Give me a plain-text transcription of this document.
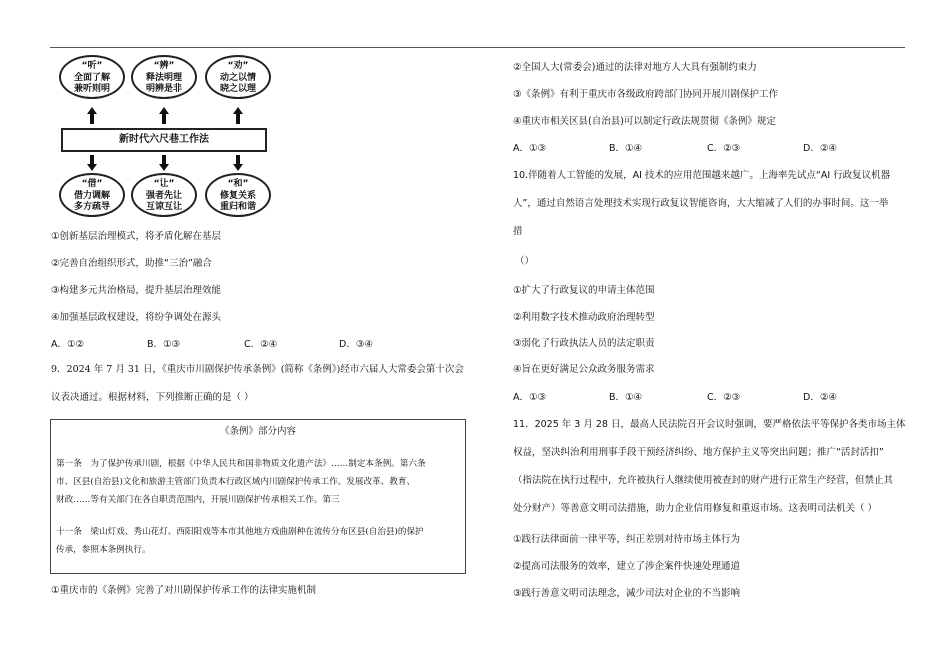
“听”
全面了解
兼听则明
“辨”
释法明理
明辨是非
“劝”
动之以情
晓之以理
新时代六尺巷工作法
“借”
借力调解
多方疏导
“让”
强者先让
互谅互让
“和”
修复关系
重归和谐
①创新基层治理模式，将矛盾化解在基层
②完善自治组织形式，助推“三治”融合
③构建多元共治格局，提升基层治理效能
④加强基层政权建设，将纷争调处在源头
A．①②	B．①③	C．②④	D．③④
9．2024 年 7 月 31 日，《重庆市川剧保护传承条例》(简称《条例》)经市六届人大常委会第十次会
议表决通过。根据材料，下列推断正确的是（ ）
《条例》部分内容
第一条　为了保护传承川剧，根据《中华人民共和国非物质文化遗产法》……制定本条例。第六条
市、区县(自治县)文化和旅游主管部门负责本行政区域内川剧保护传承工作。发展改革、教育、
财政……等有关部门在各自职责范围内，开展川剧保护传承相关工作。第三
十一条　梁山灯戏、秀山花灯、西阳阳戏等本市其他地方戏曲剧种在流传分布区县(自治县)的保护
传承，参照本条例执行。
①重庆市的《条例》完善了对川剧保护传承工作的法律实施机制
②全国人大(常委会)通过的法律对地方人大具有强制约束力
③《条例》有利于重庆市各级政府跨部门协同开展川剧保护工作
④重庆市相关区县(自治县)可以制定行政法规贯彻《条例》规定
A．①③	B．①④	C．②③	D．②④
10.伴随着人工智能的发展，AI 技术的应用范围越来越广。上海率先试点“AI 行政复议机器
人”，通过自然语言处理技术实现行政复议智能咨询，大大缩减了人们的办事时间。这一举
措
（）
①扩大了行政复议的申请主体范围
②利用数字技术推动政府治理转型
③弱化了行政执法人员的法定职责
④旨在更好满足公众政务服务需求
A．①③	B．①④	C．②③	D．②④
11．2025 年 3 月 28 日，最高人民法院召开会议时强调，要严格依法平等保护各类市场主体
权益，坚决纠治利用刑事手段干预经济纠纷、地方保护主义等突出问题；推广“活封活扣”
（指法院在执行过程中，允许被执行人继续使用被查封的财产进行正常生产经营，但禁止其
处分财产）等善意文明司法措施，助力企业信用修复和重返市场。这表明司法机关（ ）
①践行法律面前一律平等，纠正差别对待市场主体行为
②提高司法服务的效率，建立了涉企案件快速处理通道
③践行善意文明司法理念，减少司法对企业的不当影响
